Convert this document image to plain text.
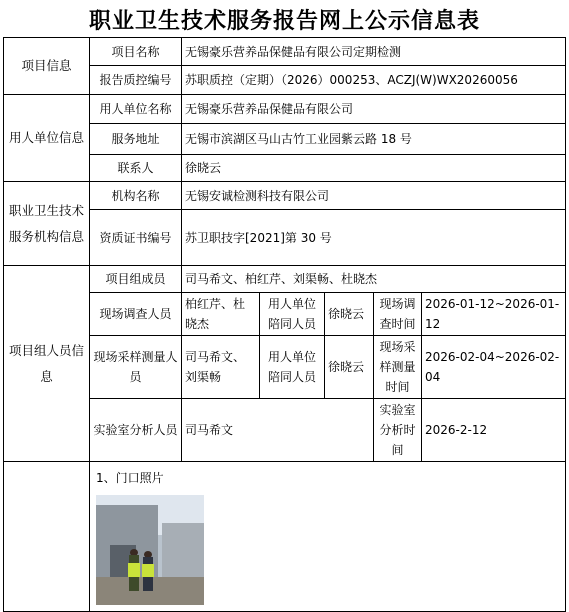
职业卫生技术服务报告网上公示信息表
项目信息	项目名称	无锡豪乐营养品保健品有限公司定期检测				
	报告质控编号	苏职质控（定期）（2026）000253、ACZJ(W)WX20260056				
用人单位信息	用人单位名称	无锡豪乐营养品保健品有限公司				
	服务地址	无锡市滨湖区马山古竹工业园紫云路 18 号				
	联系人	徐晓云				
职业卫生技术服务机构信息	机构名称	无锡安诚检测科技有限公司				
	资质证书编号	苏卫职技字[2021]第 30 号				
项目组人员信息	项目组成员	司马希文、柏红芹、刘渠畅、杜晓杰				
	现场调查人员	柏红芹、杜晓杰	用人单位陪同人员	徐晓云	现场调查时间	2026-01-12~2026-01-12
	现场采样测量人员	司马希文、刘渠畅	用人单位陪同人员	徐晓云	现场采样测量时间	2026-02-04~2026-02-04
	实验室分析人员	司马希文			实验室分析时间	2026-2-12

	1、门口照片					
